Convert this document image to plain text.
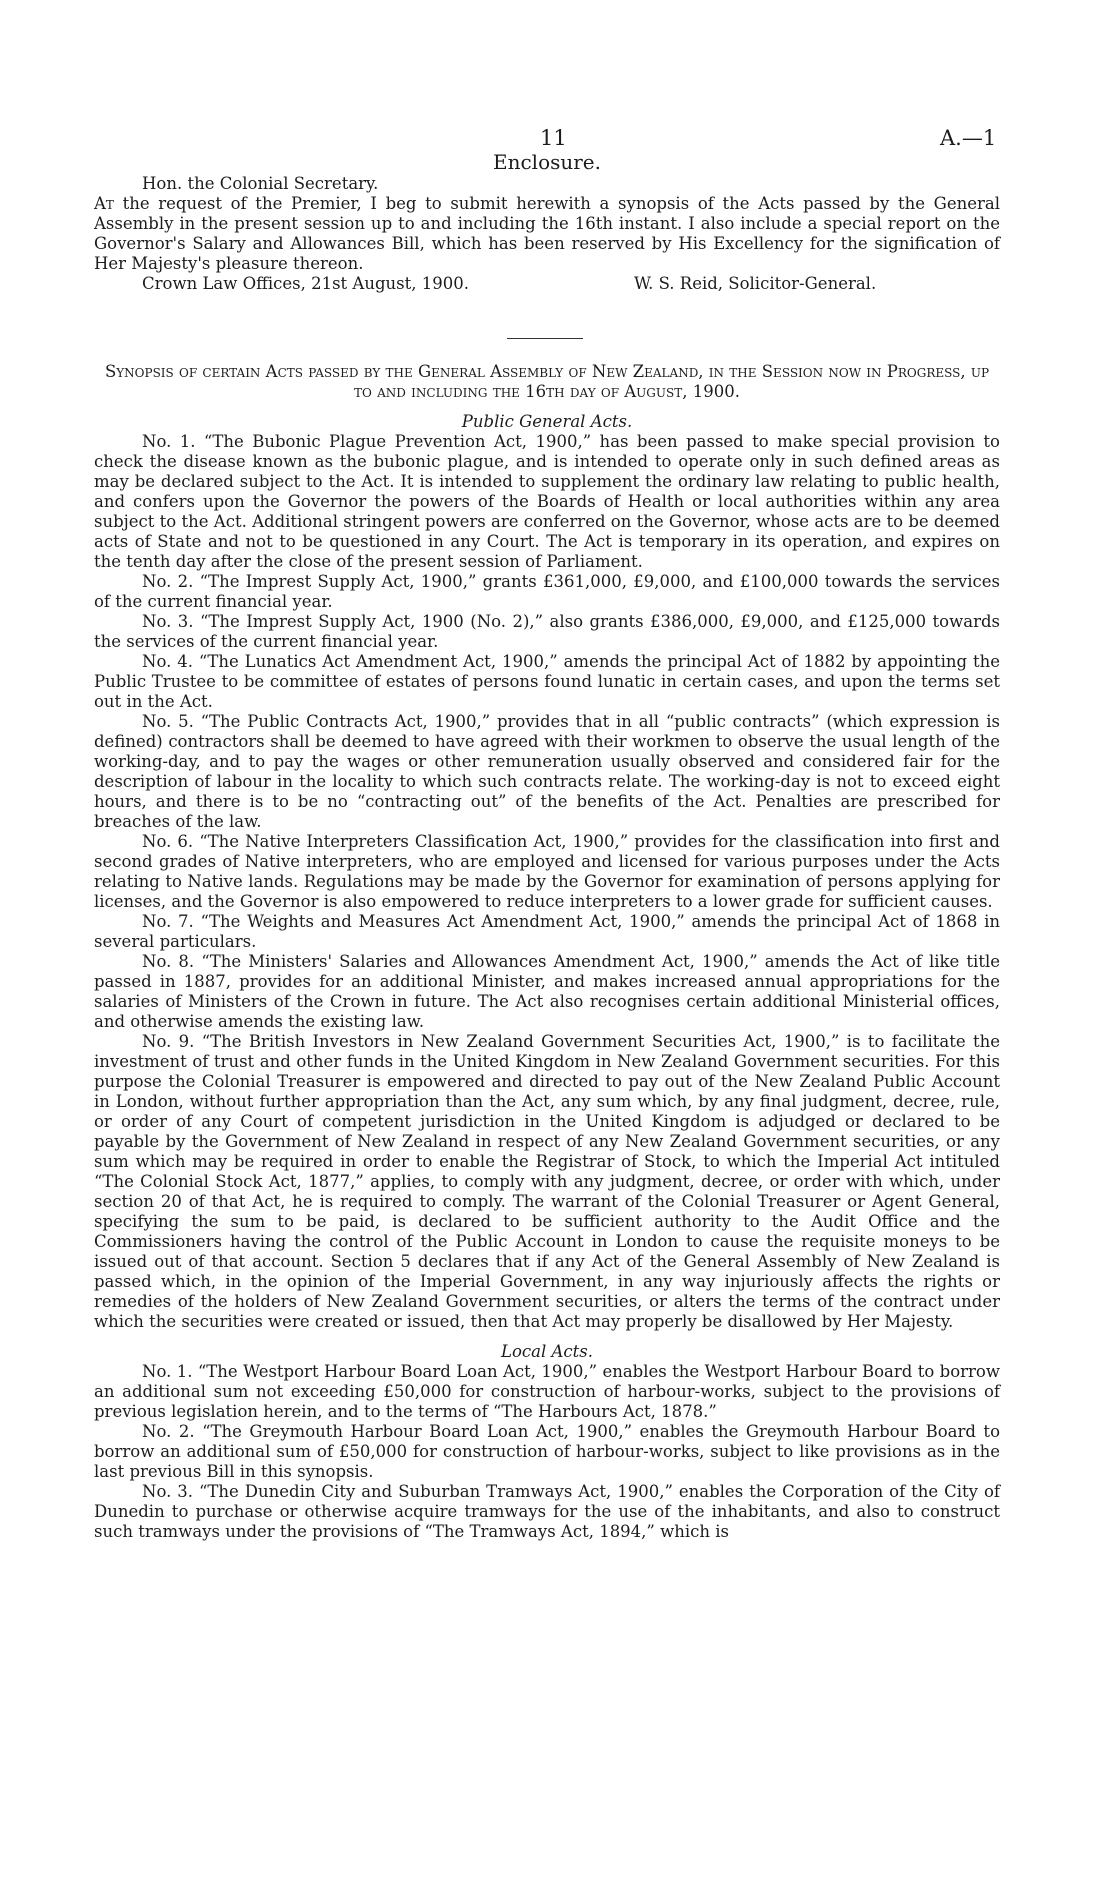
11	A.—1

Enclosure.

Hon. the Colonial Secretary.

At the request of the Premier, I beg to submit herewith a synopsis of the Acts passed by the General Assembly in the present session up to and including the 16th instant. I also include a special report on the Governor's Salary and Allowances Bill, which has been reserved by His Excellency for the signification of Her Majesty's pleasure thereon.

Crown Law Offices, 21st August, 1900.	W. S. Reid, Solicitor-General.

Synopsis of certain Acts passed by the General Assembly of New Zealand, in the Session now in Progress, up to and including the 16th day of August, 1900.

Public General Acts.

No. 1. “The Bubonic Plague Prevention Act, 1900,” has been passed to make special provision to check the disease known as the bubonic plague, and is intended to operate only in such defined areas as may be declared subject to the Act. It is intended to supplement the ordinary law relating to public health, and confers upon the Governor the powers of the Boards of Health or local authorities within any area subject to the Act. Additional stringent powers are conferred on the Governor, whose acts are to be deemed acts of State and not to be questioned in any Court. The Act is temporary in its operation, and expires on the tenth day after the close of the present session of Parliament.

No. 2. “The Imprest Supply Act, 1900,” grants £361,000, £9,000, and £100,000 towards the services of the current financial year.

No. 3. “The Imprest Supply Act, 1900 (No. 2),” also grants £386,000, £9,000, and £125,000 towards the services of the current financial year.

No. 4. “The Lunatics Act Amendment Act, 1900,” amends the principal Act of 1882 by appointing the Public Trustee to be committee of estates of persons found lunatic in certain cases, and upon the terms set out in the Act.

No. 5. “The Public Contracts Act, 1900,” provides that in all “public contracts” (which expression is defined) contractors shall be deemed to have agreed with their workmen to observe the usual length of the working-day, and to pay the wages or other remuneration usually observed and considered fair for the description of labour in the locality to which such contracts relate. The working-day is not to exceed eight hours, and there is to be no “contracting out” of the benefits of the Act. Penalties are prescribed for breaches of the law.

No. 6. “The Native Interpreters Classification Act, 1900,” provides for the classification into first and second grades of Native interpreters, who are employed and licensed for various purposes under the Acts relating to Native lands. Regulations may be made by the Governor for examination of persons applying for licenses, and the Governor is also empowered to reduce interpreters to a lower grade for sufficient causes.

No. 7. “The Weights and Measures Act Amendment Act, 1900,” amends the principal Act of 1868 in several particulars.

No. 8. “The Ministers' Salaries and Allowances Amendment Act, 1900,” amends the Act of like title passed in 1887, provides for an additional Minister, and makes increased annual appropriations for the salaries of Ministers of the Crown in future. The Act also recognises certain additional Ministerial offices, and otherwise amends the existing law.

No. 9. “The British Investors in New Zealand Government Securities Act, 1900,” is to facilitate the investment of trust and other funds in the United Kingdom in New Zealand Government securities. For this purpose the Colonial Treasurer is empowered and directed to pay out of the New Zealand Public Account in London, without further appropriation than the Act, any sum which, by any final judgment, decree, rule, or order of any Court of competent jurisdiction in the United Kingdom is adjudged or declared to be payable by the Government of New Zealand in respect of any New Zealand Government securities, or any sum which may be required in order to enable the Registrar of Stock, to which the Imperial Act intituled “The Colonial Stock Act, 1877,” applies, to comply with any judgment, decree, or order with which, under section 20 of that Act, he is required to comply. The warrant of the Colonial Treasurer or Agent General, specifying the sum to be paid, is declared to be sufficient authority to the Audit Office and the Commissioners having the control of the Public Account in London to cause the requisite moneys to be issued out of that account. Section 5 declares that if any Act of the General Assembly of New Zealand is passed which, in the opinion of the Imperial Government, in any way injuriously affects the rights or remedies of the holders of New Zealand Government securities, or alters the terms of the contract under which the securities were created or issued, then that Act may properly be disallowed by Her Majesty.

Local Acts.

No. 1. “The Westport Harbour Board Loan Act, 1900,” enables the Westport Harbour Board to borrow an additional sum not exceeding £50,000 for construction of harbour-works, subject to the provisions of previous legislation herein, and to the terms of “The Harbours Act, 1878.”

No. 2. “The Greymouth Harbour Board Loan Act, 1900,” enables the Greymouth Harbour Board to borrow an additional sum of £50,000 for construction of harbour-works, subject to like provisions as in the last previous Bill in this synopsis.

No. 3. “The Dunedin City and Suburban Tramways Act, 1900,” enables the Corporation of the City of Dunedin to purchase or otherwise acquire tramways for the use of the inhabitants, and also to construct such tramways under the provisions of “The Tramways Act, 1894,” which is
